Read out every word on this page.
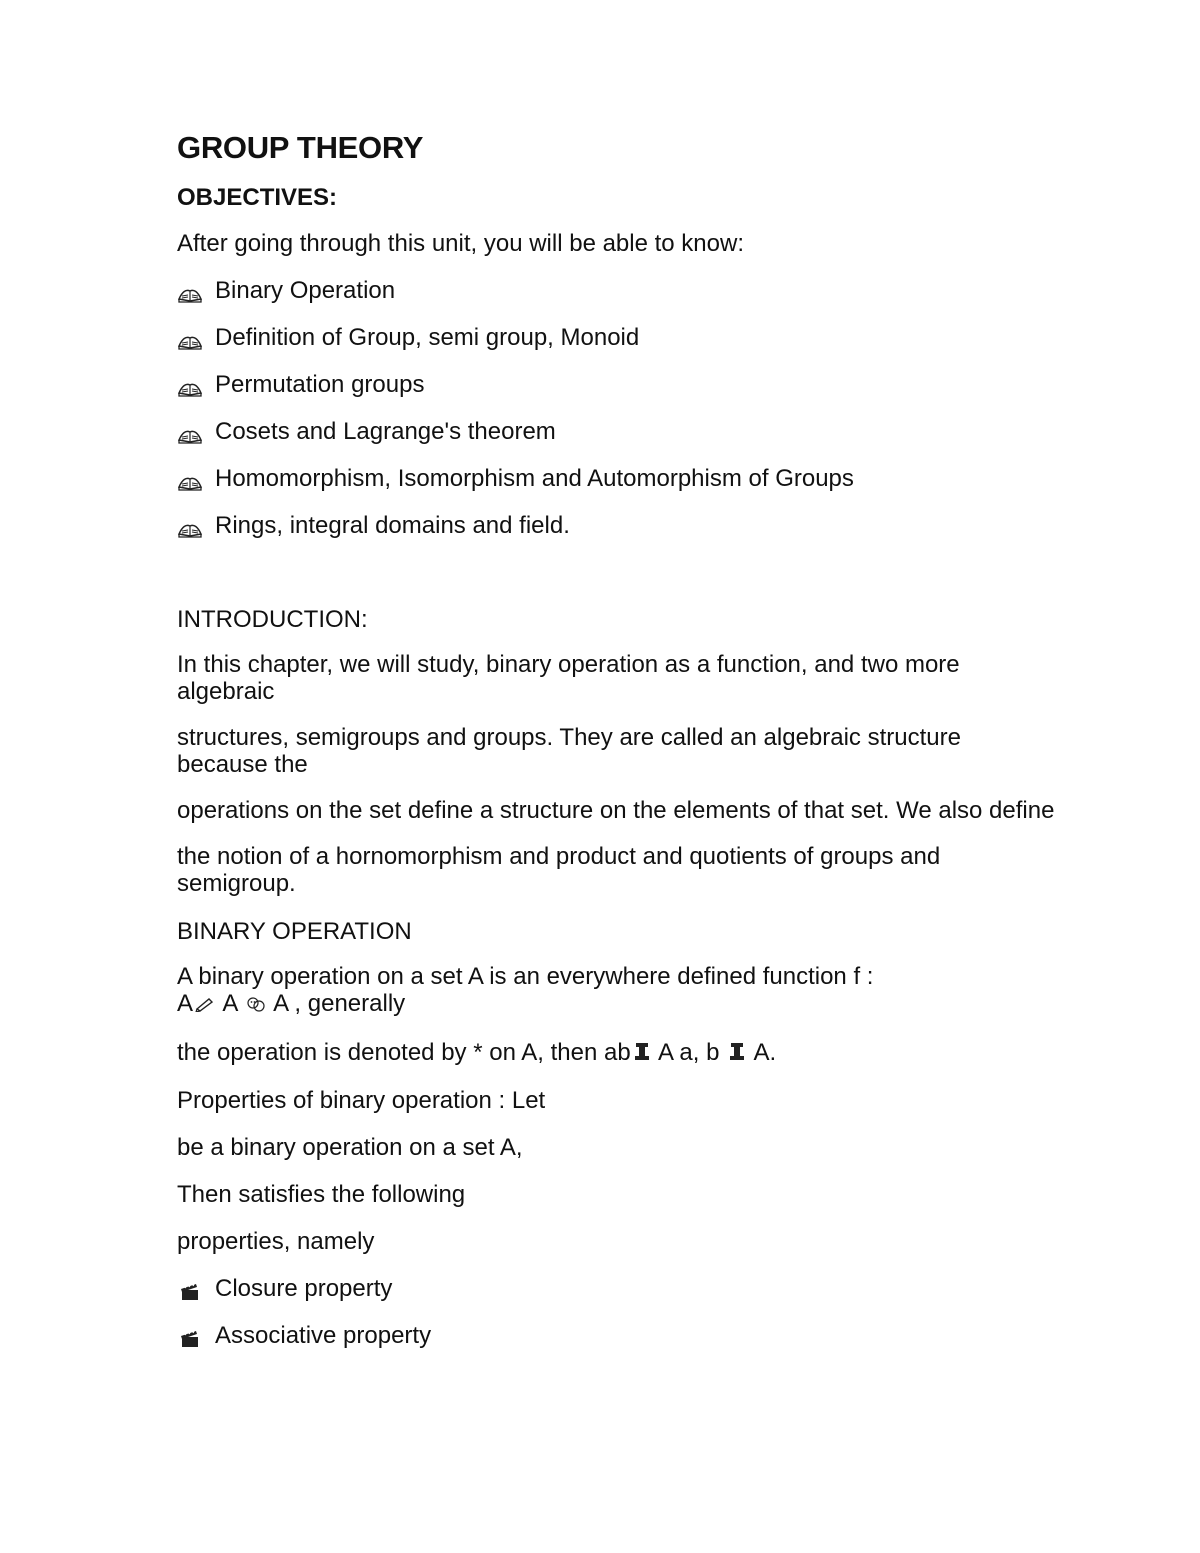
GROUP THEORY
OBJECTIVES:
After going through this unit, you will be able to know:
Binary Operation
Definition of Group, semi group, Monoid
Permutation groups
Cosets and Lagrange's theorem
Homomorphism, Isomorphism and Automorphism of Groups
Rings, integral domains and field.
INTRODUCTION:
In this chapter, we will study, binary operation as a function, and two more algebraic
structures, semigroups and groups. They are called an algebraic structure because the
operations on the set define a structure on the elements of that set. We also define
the notion of a hornomorphism and product and quotients of groups and semigroup.
BINARY OPERATION
A binary operation on a set A is an everywhere defined function f :
A A A , generally
the operation is denoted by * on A, then ab A a, b A.
Properties of binary operation : Let
be a binary operation on a set A,
Then satisfies the following
properties, namely
Closure property
Associative property
